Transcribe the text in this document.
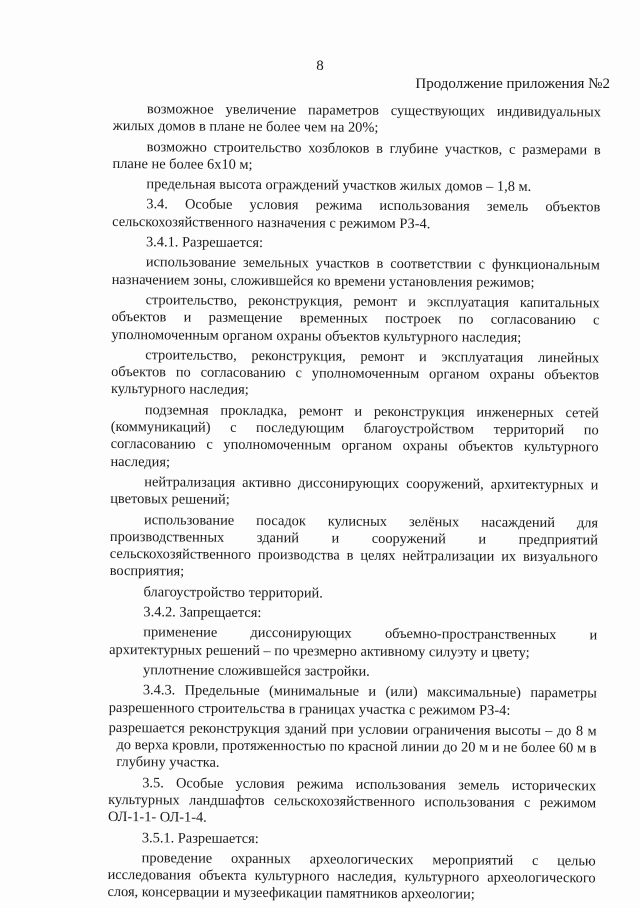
8
Продолжение приложения №2

возможное увеличение параметров существующих индивидуальных жилых домов в плане не более чем на 20%;

возможно строительство хозблоков в глубине участков, с размерами в плане не более 6х10 м;

предельная высота ограждений участков жилых домов – 1,8 м.

3.4. Особые условия режима использования земель объектов сельскохозяйственного назначения с режимом РЗ-4.

3.4.1. Разрешается:

использование земельных участков в соответствии с функциональным назначением зоны, сложившейся ко времени установления режимов;

строительство, реконструкция, ремонт и эксплуатация капитальных объектов и размещение временных построек по согласованию с уполномоченным органом охраны объектов культурного наследия;

строительство, реконструкция, ремонт и эксплуатация линейных объектов по согласованию с уполномоченным органом охраны объектов культурного наследия;

подземная прокладка, ремонт и реконструкция инженерных сетей (коммуникаций) с последующим благоустройством территорий по согласованию с уполномоченным органом охраны объектов культурного наследия;

нейтрализация активно диссонирующих сооружений, архитектурных и цветовых решений;

использование посадок кулисных зелёных насаждений для производственных зданий и сооружений и предприятий сельскохозяйственного производства в целях нейтрализации их визуального восприятия;

благоустройство территорий.

3.4.2. Запрещается:

применение диссонирующих объемно-пространственных и архитектурных решений – по чрезмерно активному силуэту и цвету;

уплотнение сложившейся застройки.

3.4.3. Предельные (минимальные и (или) максимальные) параметры разрешенного строительства в границах участка с режимом РЗ-4:

разрешается реконструкция зданий при условии ограничения высоты – до 8 м до верха кровли, протяженностью по красной линии до 20 м и не более 60 м в глубину участка.

3.5. Особые условия режима использования земель исторических культурных ландшафтов сельскохозяйственного использования с режимом ОЛ-1-1- ОЛ-1-4.

3.5.1. Разрешается:

проведение охранных археологических мероприятий с целью исследования объекта культурного наследия, культурного археологического слоя, консервации и музеефикации памятников археологии;
